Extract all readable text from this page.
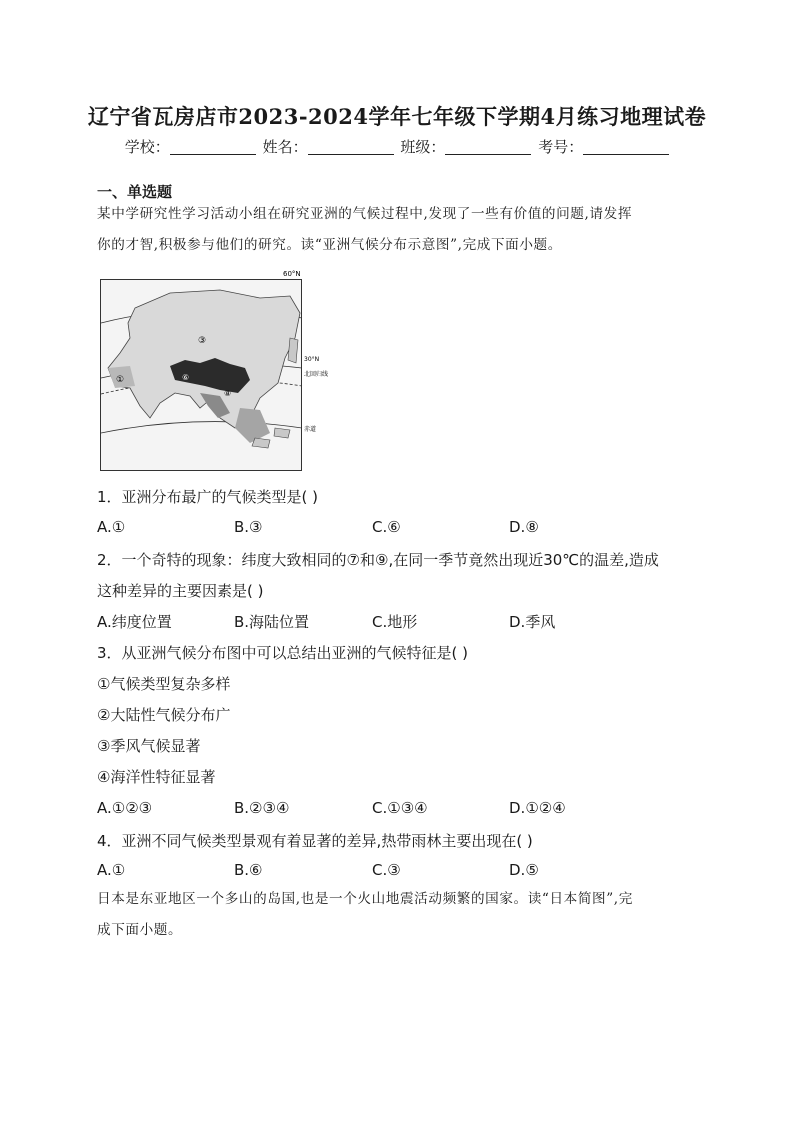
辽宁省瓦房店市2023-2024学年七年级下学期4月练习地理试卷
学校：	姓名：	班级：	考号：
一、单选题
某中学研究性学习活动小组在研究亚洲的气候过程中,发现了一些有价值的问题,请发挥
你的才智,积极参与他们的研究。读“亚洲气候分布示意图”,完成下面小题。
①
③
⑥
⑧
60°N
30°N
北回归线
赤道
1．亚洲分布最广的气候类型是( )
A.①	B.③	C.⑥	D.⑧
2．一个奇特的现象：纬度大致相同的⑦和⑨,在同一季节竟然出现近30℃的温差,造成
这种差异的主要因素是( )
A.纬度位置	B.海陆位置	C.地形	D.季风
3．从亚洲气候分布图中可以总结出亚洲的气候特征是( )
①气候类型复杂多样
②大陆性气候分布广
③季风气候显著
④海洋性特征显著
A.①②③	B.②③④	C.①③④	D.①②④
4．亚洲不同气候类型景观有着显著的差异,热带雨林主要出现在( )
A.①	B.⑥	C.③	D.⑤
日本是东亚地区一个多山的岛国,也是一个火山地震活动频繁的国家。读“日本简图”,完
成下面小题。
